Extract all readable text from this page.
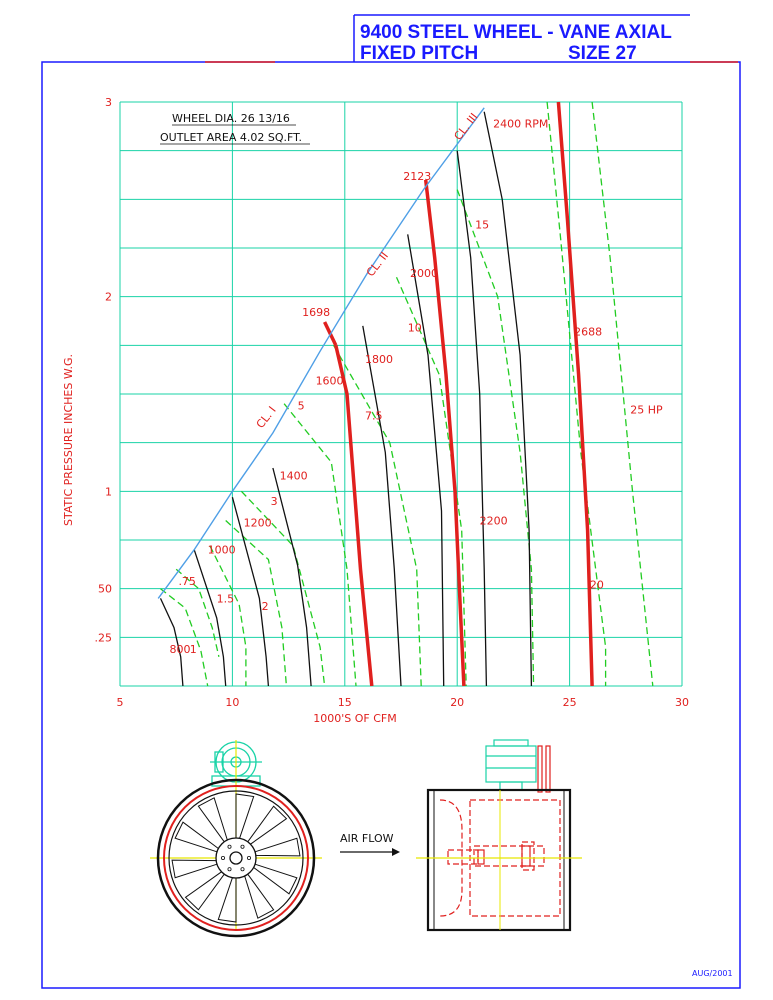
9400 STEEL WHEEL - VANE AXIAL
FIXED PITCH	SIZE 27
5	10	15	20	25	30
.25
50
1
2
3
1
.75
1.5
2
3
5
7.5
10
15
20
25 HP
800
1000
1200
1400
1600
1698
1800
2000
2123
2200
2400 RPM
2688
CL. I
CL. II
CL. III
WHEEL DIA. 26 13/16
OUTLET AREA 4.02 SQ.FT.
1000'S OF CFM
STATIC PRESSURE INCHES W.G.
AIR FLOW
AUG/2001
